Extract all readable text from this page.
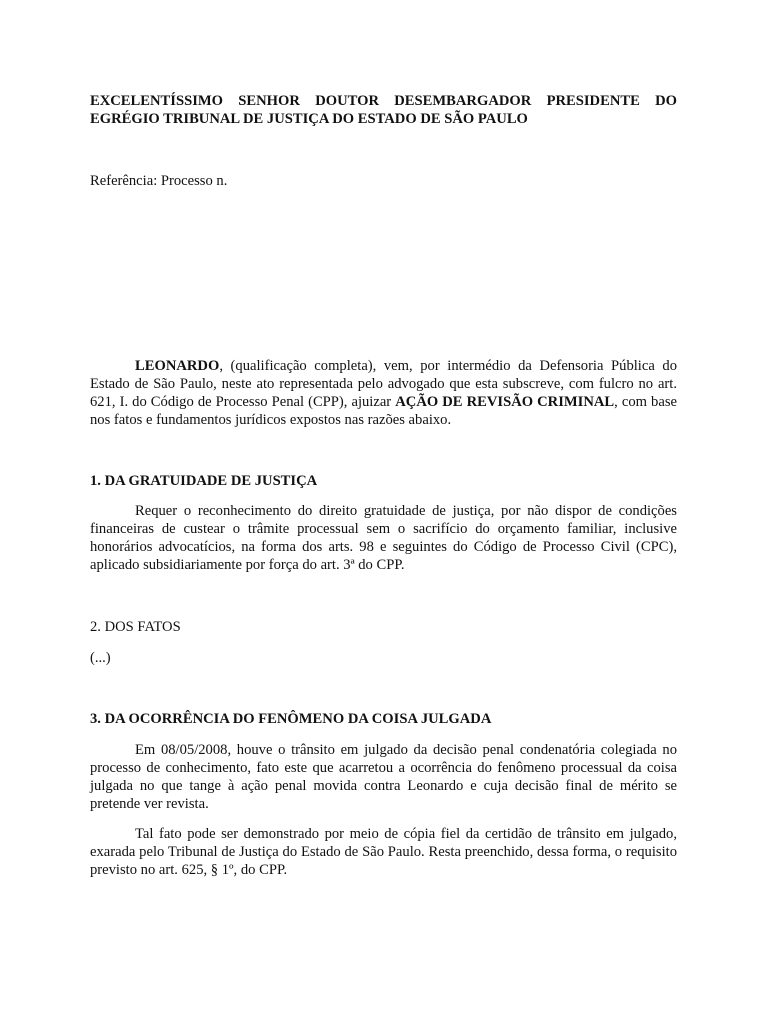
EXCELENTÍSSIMO SENHOR DOUTOR DESEMBARGADOR PRESIDENTE DO EGRÉGIO TRIBUNAL DE JUSTIÇA DO ESTADO DE SÃO PAULO

Referência: Processo n.

LEONARDO, (qualificação completa), vem, por intermédio da Defensoria Pública do Estado de São Paulo, neste ato representada pelo advogado que esta subscreve, com fulcro no art. 621, I. do Código de Processo Penal (CPP), ajuizar AÇÃO DE REVISÃO CRIMINAL, com base nos fatos e fundamentos jurídicos expostos nas razões abaixo.

1. DA GRATUIDADE DE JUSTIÇA

Requer o reconhecimento do direito gratuidade de justiça, por não dispor de condições financeiras de custear o trâmite processual sem o sacrifício do orçamento familiar, inclusive honorários advocatícios, na forma dos arts. 98 e seguintes do Código de Processo Civil (CPC), aplicado subsidiariamente por força do art. 3ª do CPP.

2. DOS FATOS

(...)

3. DA OCORRÊNCIA DO FENÔMENO DA COISA JULGADA

Em 08/05/2008, houve o trânsito em julgado da decisão penal condenatória colegiada no processo de conhecimento, fato este que acarretou a ocorrência do fenômeno processual da coisa julgada no que tange à ação penal movida contra Leonardo e cuja decisão final de mérito se pretende ver revista.

Tal fato pode ser demonstrado por meio de cópia fiel da certidão de trânsito em julgado, exarada pelo Tribunal de Justiça do Estado de São Paulo. Resta preenchido, dessa forma, o requisito previsto no art. 625, § 1º, do CPP.
